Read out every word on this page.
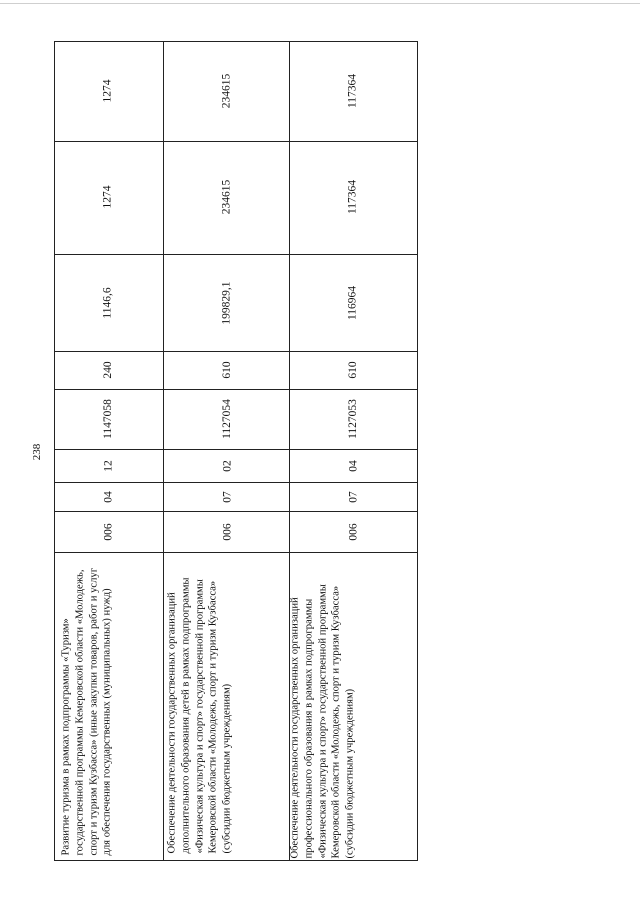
238
1274
1274
1146,6
240
1147058
12
04
006
Развитие туризма в рамках подпрограммы «Туризм» государственной программы Кемеровской области «Молодежь, спорт и туризм Кузбасса» (иные закупки товаров, работ и услуг для обеспечения государственных (муниципальных) нужд)
234615
234615
199829,1
610
1127054
02
07
006
Обеспечение деятельности государственных организаций дополнительного образования детей в рамках подпрограммы «Физическая культура и спорт» государственной программы Кемеровской области «Молодежь, спорт и туризм Кузбасса» (субсидии бюджетным учреждениям)
117364
117364
116964
610
1127053
04
07
006
Обеспечение деятельности государственных организаций профессионального образования в рамках подпрограммы «Физическая культура и спорт» государственной программы Кемеровской области «Молодежь, спорт и туризм Кузбасса» (субсидии бюджетным учреждениям)
